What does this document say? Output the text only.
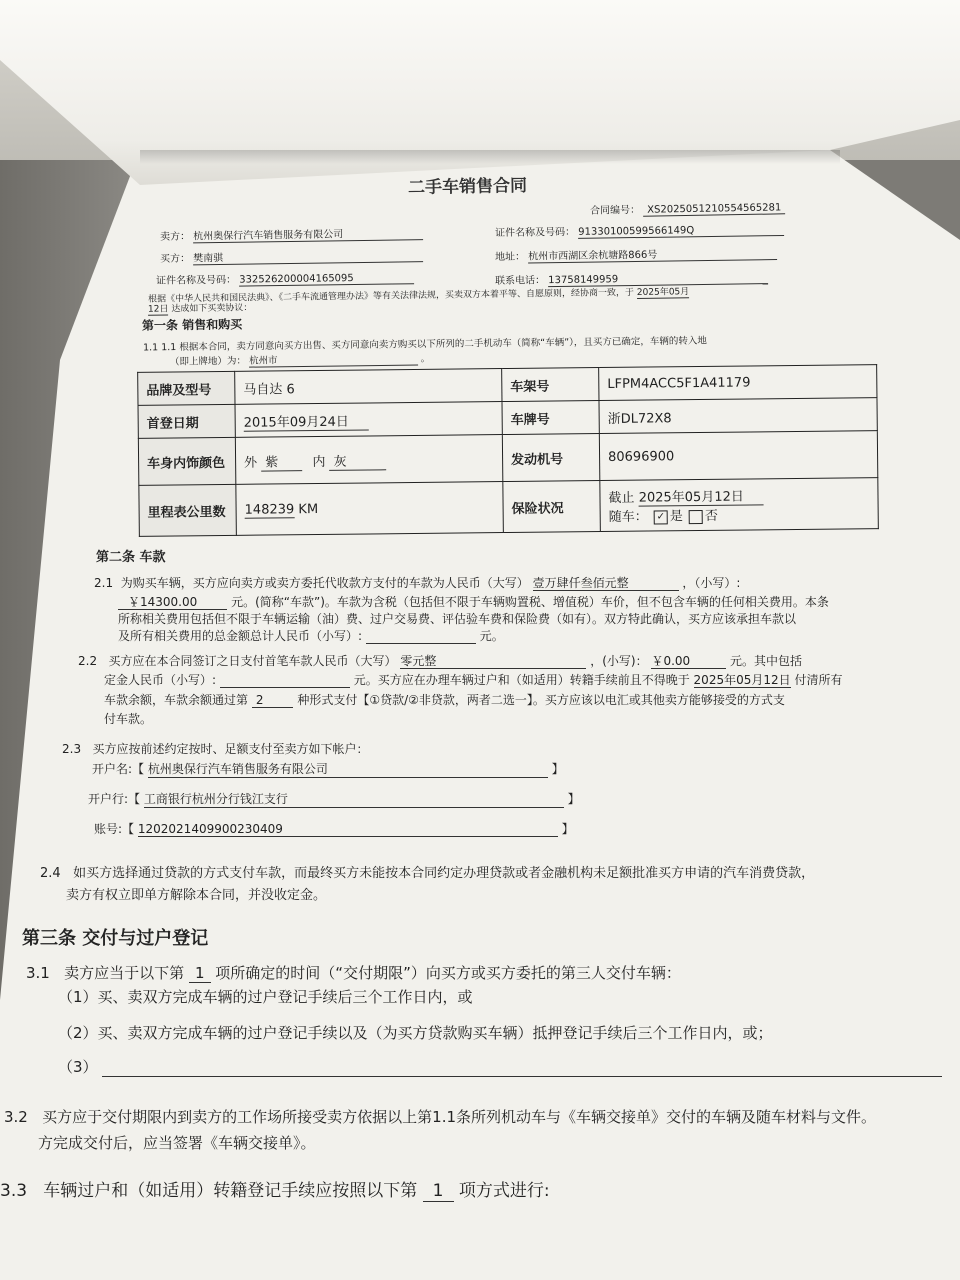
二手车销售合同
合同编号： XS20250512105545652​81
卖方： 杭州奥保行汽车销售服务有限公司	证件名称及号码： 91330100599566149Q
买方： 樊南骐	地址： 杭州市西湖区余杭塘路866号
证件名称及号码： 332526200004165095	联系电话： 13758149959
根据《中华人民共和国民法典》、《二手车流通管理办法》等有关法律法规，买卖双方本着平等、自愿原则，经协商一致，于 2025年05月
12日 达成如下买卖协议：
第一条 销售和购买
1.1 1.1 根据本合同，卖方同意向买方出售、买方同意向卖方购买以下所列的二手机动车（简称“车辆”），且买方已确定，车辆的转入地
（即上牌地）为： 杭州市	。
品牌及型号	马自达 6	车架号	LFPM4ACC5F1A41179
首登日期	2015年09月24日	车牌号	浙DL72X8
车身内饰颜色	外 紫 内 灰	发动机号	80696900
里程表公里数	148239 KM	保险状况	截止 2025年05月12日
随车： ✓ 是 否
第二条 车款
2.1 为购买车辆，买方应向卖方或卖方委托代收款方支付的车款为人民币（大写） 壹万肆仟叁佰元整	，（小写）:
￥14300.00	元。(简称“车款”)。车款为含税（包括但不限于车辆购置税、增值税）车价，但不包含车辆的任何相关费用。本条
所称相关费用包括但不限于车辆运输（油）费、过户交易费、评估验车费和保险费（如有）。双方特此确认，买方应该承担车款以
及所有相关费用的总金额总计人民币（小写）:	元。
2.2 买方应在本合同签订之日支付首笔车款人民币（大写） 零元整	，(小写)： ￥0.00	元。其中包括
定金人民币（小写）:	元。买方应在办理车辆过户和（如适用）转籍手续前且不得晚于 2025年05月12日 付清所有
车款余额，车款余额通过第 2	种形式支付【①贷款/②非贷款，两者二选一】。买方应该以电汇或其他卖方能够接受的方式支
付车款。
2.3 买方应按前述约定按时、足额支付至卖方如下帐户：
开户名:【 杭州奥保行汽车销售服务有限公司	】
开户行:【 工商银行杭州分行钱江支行	】
账号:【 1202021409900230409	】
2.4 如买方选择通过贷款的方式支付车款，而最终买方未能按本合同约定办理贷款或者金融机构未足额批准买方申请的汽车消费贷款，
卖方有权立即单方解除本合同，并没收定金。
第三条 交付与过户登记
3.1 卖方应当于以下第 1 项所确定的时间（“交付期限”）向买方或买方委托的第三人交付车辆：
（1）买、卖双方完成车辆的过户登记手续后三个工作日内，或
（2）买、卖双方完成车辆的过户登记手续以及（为买方贷款购买车辆）抵押登记手续后三个工作日内，或；
（3）
3.2 买方应于交付期限内到卖方的工作场所接受卖方依据以上第1.1条所列机动车与《车辆交接单》交付的车辆及随车材料与文件。
方完成交付后，应当签署《车辆交接单》。
3.3 车辆过户和（如适用）转籍登记手续应按照以下第 1 项方式进行:
